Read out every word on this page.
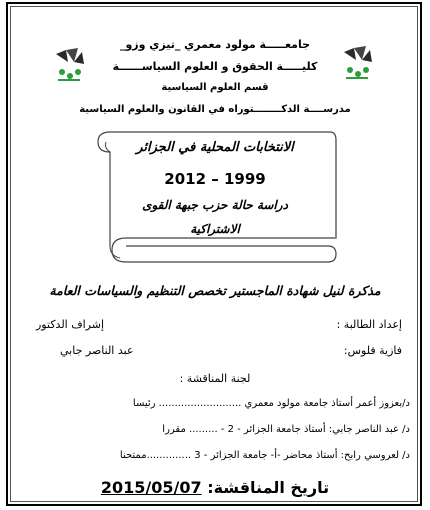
جامعـــــة مولود معمري _تيزي وزو_
كليـــــة الحقوق و العلوم السياســــــة
قسم العلوم السياسية
مدرســــة الدكــــــــتوراه في القانون والعلوم السياسية
الانتخابات المحلية في الجزائر
2012 – 1999
دراسة حالة حزب جبهة القوى
الاشتراكية
مذكرة لنيل شهادة الماجستير تخصص التنظيم والسياسات العامة
إعداد الطالبة :
إشراف الدكتور
فازية فلوس:
عبد الناصر جابي
لجنة المناقشة :
د/بعزوز أعمر أستاذ جامعة مولود معمري .......................... رئيسا
د/ عبد الناصر جابي: أستاذ جامعة الجزائر - 2 - ......... مقررا
د/ لعروسي رابح: أستاذ محاضر -أ- جامعة الجزائر - 3 ..............ممتحنا
تاريخ المناقشة: 2015/05/07
